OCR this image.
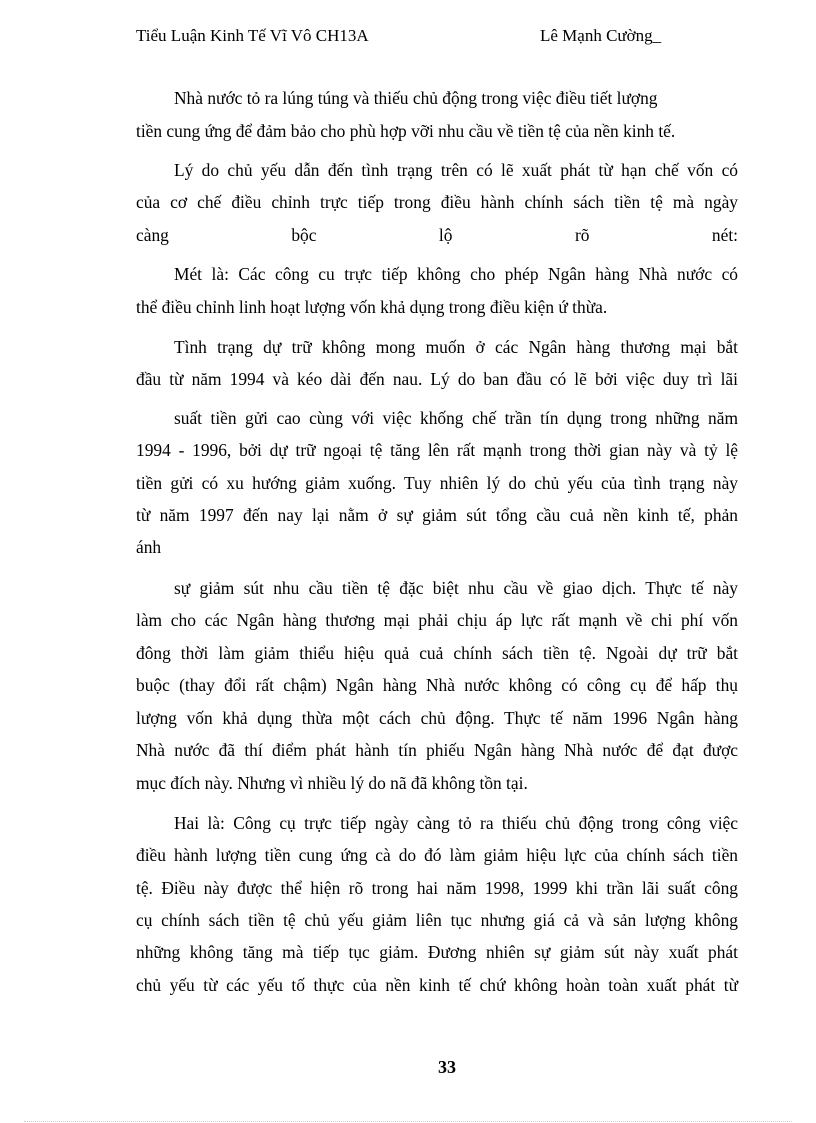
Tiểu Luận Kinh Tế Vĩ Vô CH13A	Lê Mạnh Cường_
Nhà nước tỏ ra lúng túng và thiếu chủ động trong việc điều tiết lượng
tiền cung ứng để đảm bảo cho phù hợp vỡi nhu cầu về tiền tệ của nền kinh tế.
Lý do chủ yếu dẫn đến tình trạng trên có lẽ xuất phát từ hạn chế vốn có
của cơ chế điều chỉnh trực tiếp trong điều hành chính sách tiền tệ mà ngày
càng bộc lộ rõ nét:
Mét là: Các công cu trực tiếp không cho phép Ngân hàng Nhà nước có
thể điều chỉnh linh hoạt lượng vốn khả dụng trong điều kiện ứ thừa.
Tình trạng dự trữ không mong muốn ở các Ngân hàng thương mại bắt
đầu từ năm 1994 và kéo dài đến nau. Lý do ban đầu có lẽ bởi việc duy trì lãi
suất tiền gửi cao cùng với việc khống chế trần tín dụng trong những năm
1994 - 1996, bởi dự trữ ngoại tệ tăng lên rất mạnh trong thời gian này và tỷ lệ
tiền gửi có xu hướng giảm xuống. Tuy nhiên lý do chủ yếu của tình trạng này
từ năm 1997 đến nay lại nằm ở sự giảm sút tổng cầu cuả nền kinh tế, phản
ánh
sự giảm sút nhu cầu tiền tệ đặc biệt nhu cầu về giao dịch. Thực tế này
làm cho các Ngân hàng thương mại phải chịu áp lực rất mạnh về chi phí vốn
đông thời làm giảm thiểu hiệu quả cuả chính sách tiền tệ. Ngoài dự trữ bắt
buộc (thay đổi rất chậm) Ngân hàng Nhà nước không có công cụ để hấp thụ
lượng vốn khả dụng thừa một cách chủ động. Thực tế năm 1996 Ngân hàng
Nhà nước đã thí điểm phát hành tín phiếu Ngân hàng Nhà nước để đạt được
mục đích này. Nhưng vì nhiều lý do nã đã không tồn tại.
Hai là: Công cụ trực tiếp ngày càng tỏ ra thiếu chủ động trong công việc
điều hành lượng tiền cung ứng cà do đó làm giảm hiệu lực của chính sách tiền
tệ. Điều này được thể hiện rõ trong hai năm 1998, 1999 khi trần lãi suất công
cụ chính sách tiền tệ chủ yếu giảm liên tục nhưng giá cả và sản lượng không
những không tăng mà tiếp tục giảm. Đương nhiên sự giảm sút này xuất phát
chủ yếu từ các yếu tố thực của nền kinh tế chứ không hoàn toàn xuất phát từ
33
